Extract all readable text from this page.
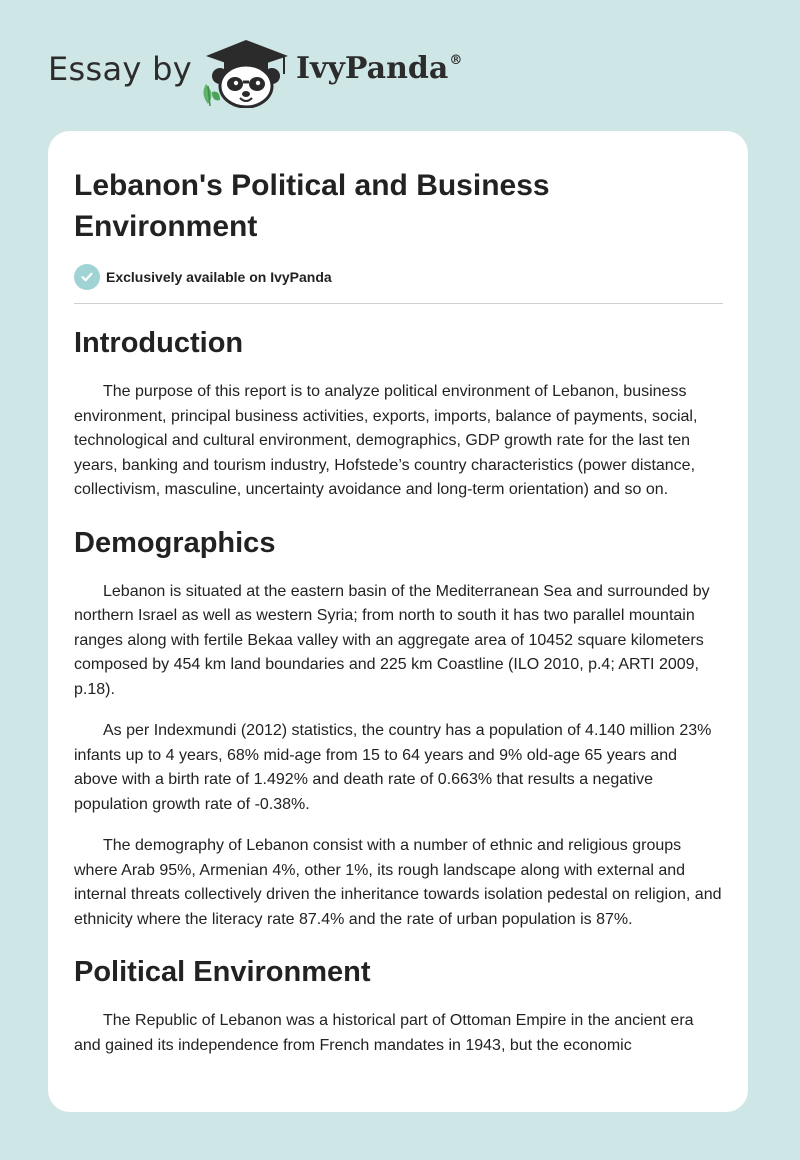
Essay by	IvyPanda®
Lebanon's Political and Business Environment
Exclusively available on IvyPanda
Introduction

The purpose of this report is to analyze political environment of Lebanon, business environment, principal business activities, exports, imports, balance of payments, social, technological and cultural environment, demographics, GDP growth rate for the last ten years, banking and tourism industry, Hofstede’s country characteristics (power distance, collectivism, masculine, uncertainty avoidance and long-term orientation) and so on.

Demographics

Lebanon is situated at the eastern basin of the Mediterranean Sea and surrounded by northern Israel as well as western Syria; from north to south it has two parallel mountain ranges along with fertile Bekaa valley with an aggregate area of 10452 square kilometers composed by 454 km land boundaries and 225 km Coastline (ILO 2010, p.4; ARTI 2009, p.18).

As per Indexmundi (2012) statistics, the country has a population of 4.140 million 23% infants up to 4 years, 68% mid-age from 15 to 64 years and 9% old-age 65 years and above with a birth rate of 1.492% and death rate of 0.663% that results a negative population growth rate of -0.38%.

The demography of Lebanon consist with a number of ethnic and religious groups where Arab 95%, Armenian 4%, other 1%, its rough landscape along with external and internal threats collectively driven the inheritance towards isolation pedestal on religion, and ethnicity where the literacy rate 87.4% and the rate of urban population is 87%.

Political Environment

The Republic of Lebanon was a historical part of Ottoman Empire in the ancient era and gained its independence from French mandates in 1943, but the economic
